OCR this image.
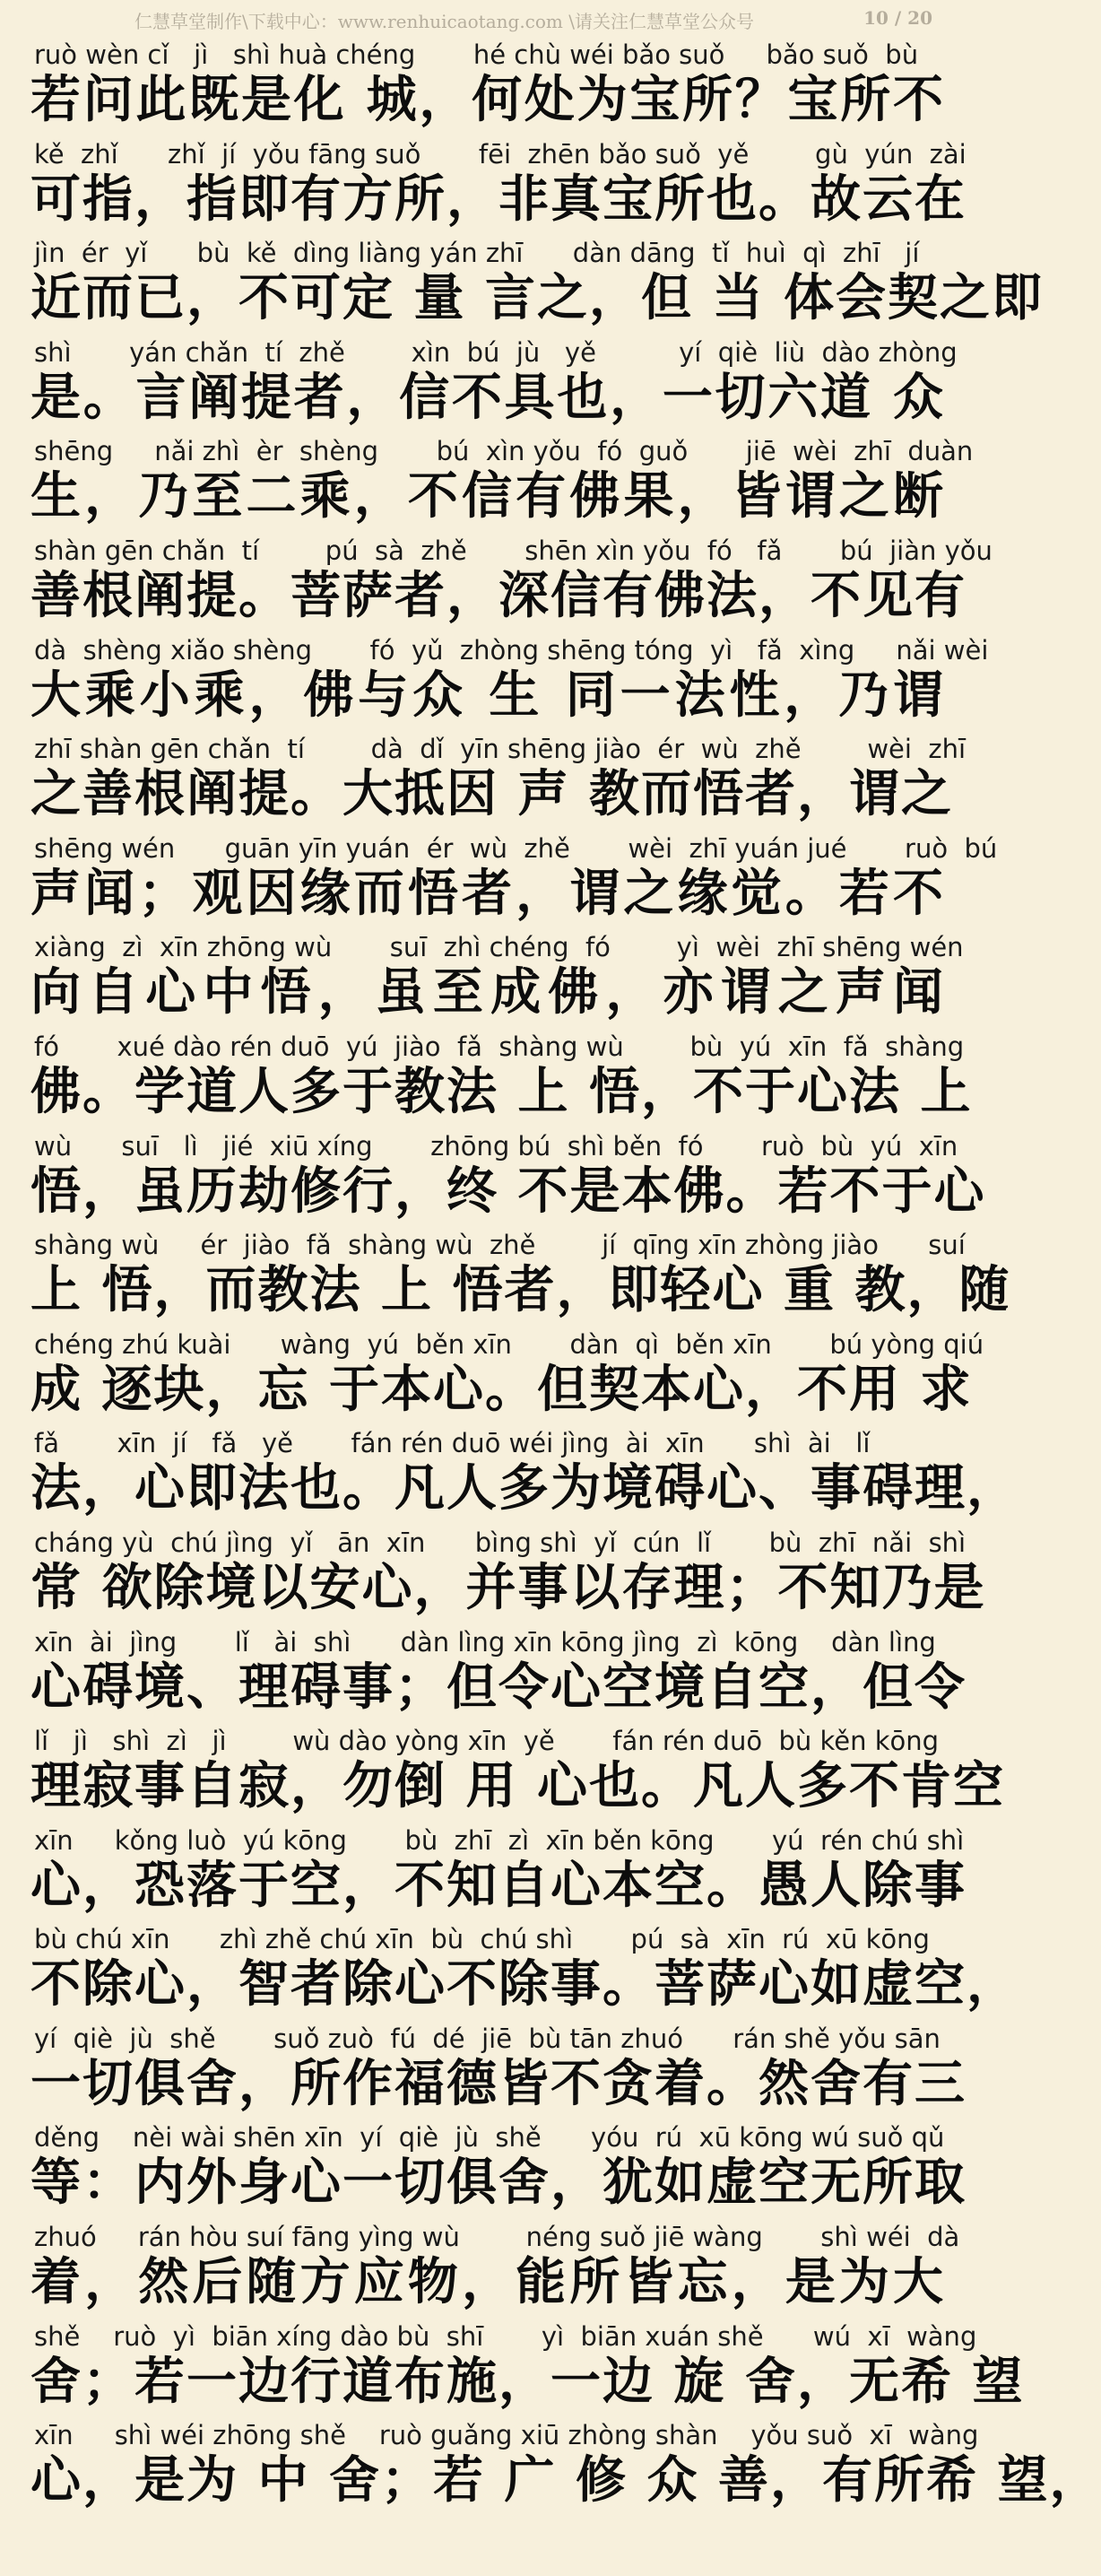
仁慧草堂制作\下载中心：www.renhuicaotang.com \请关注仁慧草堂公众号	10 / 20
ruò wèn cǐ   jì   shì huà chéng       hé chù wéi bǎo suǒ     bǎo suǒ  bù
若问此既是化 城，何处为宝所？宝所不
kě  zhǐ      zhǐ  jí  yǒu fāng suǒ       fēi  zhēn bǎo suǒ  yě        gù  yún  zài
可指，指即有方所，非真宝所也。故云在
jìn  ér  yǐ      bù  kě  dìng liàng yán zhī      dàn dāng  tǐ  huì  qì  zhī   jí
近而已，不可定 量 言之，但 当 体会契之即
shì       yán chǎn  tí  zhě        xìn  bú  jù   yě          yí  qiè  liù  dào zhòng
是。言阐提者，信不具也，一切六道 众
shēng     nǎi zhì  èr  shèng       bú  xìn yǒu  fó  guǒ       jiē  wèi  zhī  duàn
生，乃至二乘，不信有佛果，皆谓之断
shàn gēn chǎn  tí        pú  sà  zhě       shēn xìn yǒu  fó   fǎ       bú  jiàn yǒu
善根阐提。菩萨者，深信有佛法，不见有
dà  shèng xiǎo shèng       fó  yǔ  zhòng shēng tóng  yì   fǎ  xìng     nǎi wèi
大乘小乘，佛与众 生 同一法性，乃谓
zhī shàn gēn chǎn  tí        dà  dǐ  yīn shēng jiào  ér  wù  zhě        wèi  zhī
之善根阐提。大抵因 声 教而悟者，谓之
shēng wén      guān yīn yuán  ér  wù  zhě       wèi  zhī yuán jué       ruò  bú
声闻；观因缘而悟者，谓之缘觉。若不
xiàng  zì  xīn zhōng wù       suī  zhì chéng  fó        yì  wèi  zhī shēng wén
向自心中悟，虽至成佛，亦谓之声闻
fó       xué dào rén duō  yú  jiào  fǎ  shàng wù        bù  yú  xīn  fǎ  shàng
佛。学道人多于教法 上 悟，不于心法 上
wù      suī   lì   jié  xiū xíng       zhōng bú  shì běn  fó       ruò  bù  yú  xīn
悟，虽历劫修行，终 不是本佛。若不于心
shàng wù     ér  jiào  fǎ  shàng wù  zhě        jí  qīng xīn zhòng jiào      suí
上 悟，而教法 上 悟者，即轻心 重 教，随
chéng zhú kuài      wàng  yú  běn xīn       dàn  qì  běn xīn       bú yòng qiú
成 逐块，忘 于本心。但契本心，不用 求
fǎ       xīn  jí   fǎ   yě       fán rén duō wéi jìng  ài  xīn      shì  ài   lǐ
法，心即法也。凡人多为境碍心、事碍理，
cháng yù  chú jìng  yǐ   ān  xīn      bìng shì  yǐ  cún  lǐ       bù  zhī  nǎi  shì
常 欲除境以安心，并事以存理；不知乃是
xīn  ài  jìng       lǐ   ài  shì      dàn lìng xīn kōng jìng  zì  kōng    dàn lìng
心碍境、理碍事；但令心空境自空，但令
lǐ   jì   shì  zì   jì        wù dào yòng xīn  yě       fán rén duō  bù kěn kōng
理寂事自寂，勿倒 用 心也。凡人多不肯空
xīn     kǒng luò  yú kōng       bù  zhī  zì  xīn běn kōng       yú  rén chú shì
心，恐落于空，不知自心本空。愚人除事
bù chú xīn      zhì zhě chú xīn  bù  chú shì       pú  sà  xīn  rú  xū kōng
不除心，智者除心不除事。菩萨心如虚空，
yí  qiè  jù  shě       suǒ zuò  fú  dé  jiē  bù tān zhuó      rán shě yǒu sān
一切俱舍，所作福德皆不贪着。然舍有三
děng    nèi wài shēn xīn  yí  qiè  jù  shě      yóu  rú  xū kōng wú suǒ qǔ
等：内外身心一切俱舍，犹如虚空无所取
zhuó     rán hòu suí fāng yìng wù        néng suǒ jiē wàng       shì wéi  dà
着，然后随方应物，能所皆忘，是为大
shě    ruò  yì  biān xíng dào bù  shī       yì  biān xuán shě      wú  xī  wàng
舍；若一边行道布施，一边 旋 舍，无希 望
xīn     shì wéi zhōng shě    ruò guǎng xiū zhòng shàn    yǒu suǒ  xī  wàng
心，是为 中 舍；若 广 修 众 善，有所希 望，
